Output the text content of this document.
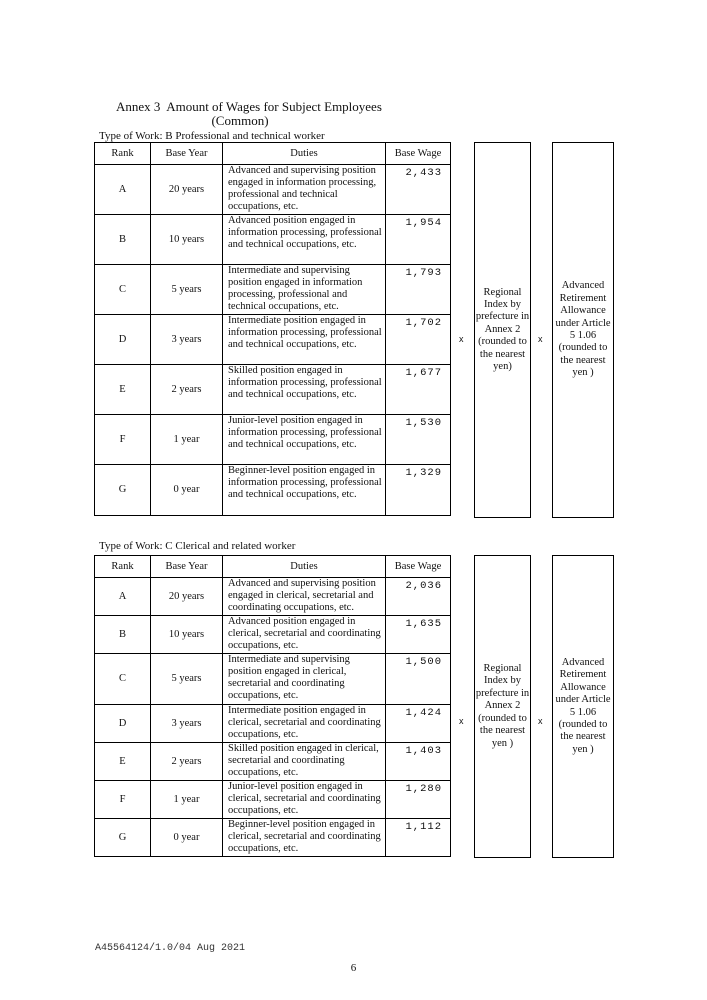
Annex 3  Amount of Wages for Subject Employees
(Common)
Type of Work: B Professional and technical worker
Rank	Base Year	Duties	Base Wage
A	20 years	Advanced and supervising position engaged in information processing, professional and technical occupations, etc.	2,433
B	10 years	Advanced position engaged in information processing, professional and technical occupations, etc.	1,954
C	5 years	Intermediate and supervising position engaged in information processing, professional and technical occupations, etc.	1,793
D	3 years	Intermediate position engaged in information processing, professional and technical occupations, etc.	1,702
E	2 years	Skilled position engaged in information processing, professional and technical occupations, etc.	1,677
F	1 year	Junior-level position engaged in information processing, professional and technical occupations, etc.	1,530
G	0 year	Beginner-level position engaged in information processing, professional and technical occupations, etc.	1,329
x
Regional Index by prefecture in Annex 2 (rounded to the nearest yen)
x
Advanced Retirement Allowance under Article 5 1.06 (rounded to the nearest yen )
Type of Work: C Clerical and related worker
Rank	Base Year	Duties	Base Wage
A	20 years	Advanced and supervising position engaged in clerical, secretarial and coordinating occupations, etc.	2,036
B	10 years	Advanced position engaged in clerical, secretarial and coordinating occupations, etc.	1,635
C	5 years	Intermediate and supervising position engaged in clerical, secretarial and coordinating occupations, etc.	1,500
D	3 years	Intermediate position engaged in clerical, secretarial and coordinating occupations, etc.	1,424
E	2 years	Skilled position engaged in clerical, secretarial and coordinating occupations, etc.	1,403
F	1 year	Junior-level position engaged in clerical, secretarial and coordinating occupations, etc.	1,280
G	0 year	Beginner-level position engaged in clerical, secretarial and coordinating occupations, etc.	1,112
x
Regional Index by prefecture in Annex 2 (rounded to the nearest yen )
x
Advanced Retirement Allowance under Article 5 1.06 (rounded to the nearest yen )
A45564124/1.0/04 Aug 2021
6
